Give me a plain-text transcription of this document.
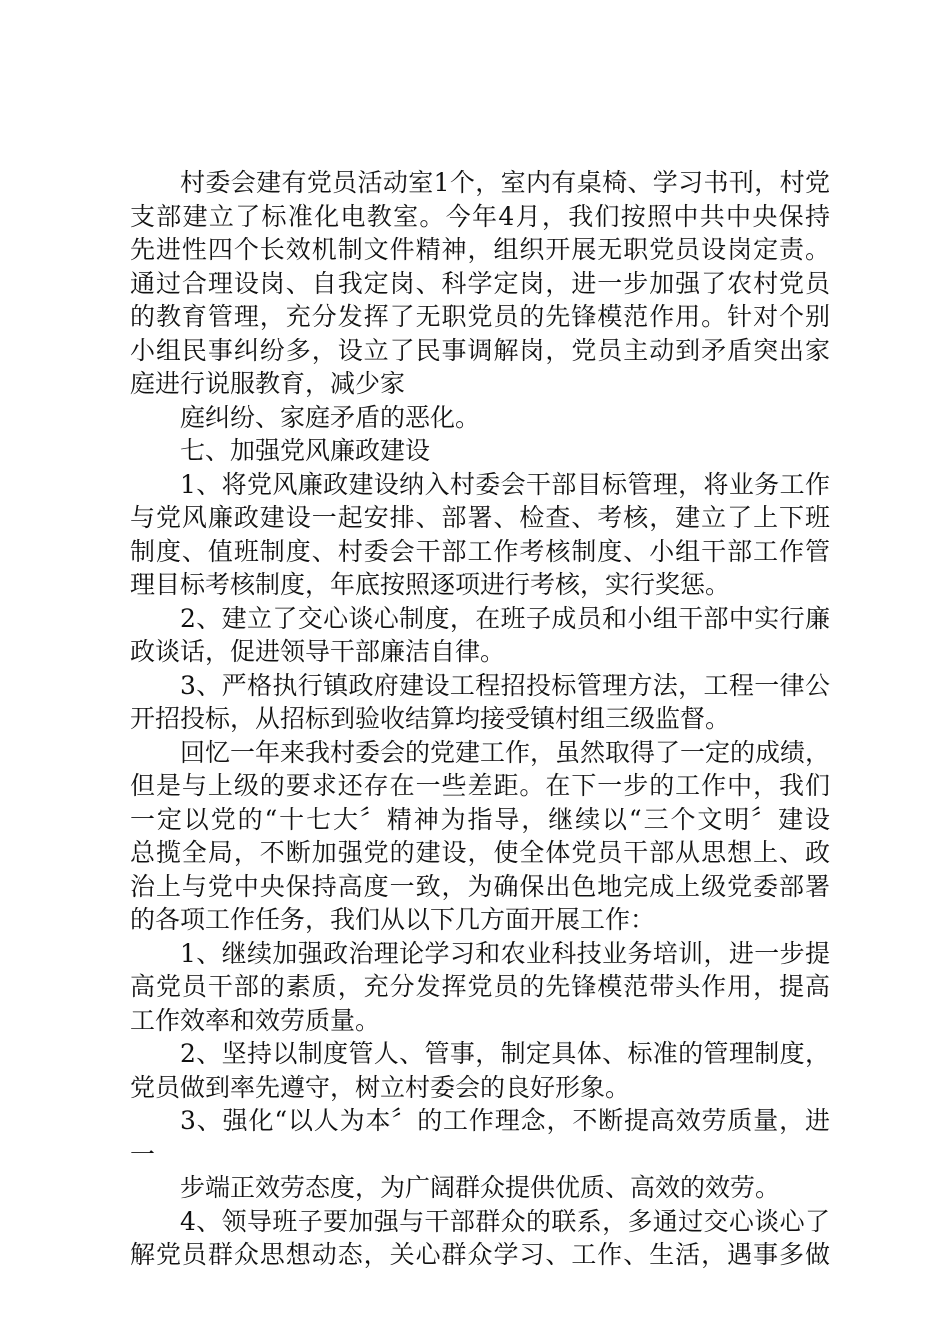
村委会建有党员活动室1个，室内有桌椅、学习书刊，村党
支部建立了标准化电教室。今年4月，我们按照中共中央保持
先进性四个长效机制文件精神，组织开展无职党员设岗定责。
通过合理设岗、自我定岗、科学定岗，进一步加强了农村党员
的教育管理，充分发挥了无职党员的先锋模范作用。针对个别
小组民事纠纷多，设立了民事调解岗，党员主动到矛盾突出家
庭进行说服教育，减少家
庭纠纷、家庭矛盾的恶化。
七、加强党风廉政建设
1、将党风廉政建设纳入村委会干部目标管理，将业务工作
与党风廉政建设一起安排、部署、检查、考核，建立了上下班
制度、值班制度、村委会干部工作考核制度、小组干部工作管
理目标考核制度，年底按照逐项进行考核，实行奖惩。
2、建立了交心谈心制度，在班子成员和小组干部中实行廉
政谈话，促进领导干部廉洁自律。
3、严格执行镇政府建设工程招投标管理方法，工程一律公
开招投标，从招标到验收结算均接受镇村组三级监督。
回忆一年来我村委会的党建工作，虽然取得了一定的成绩，
但是与上级的要求还存在一些差距。在下一步的工作中，我们
一定以党的“十七大〞精神为指导，继续以“三个文明〞建设
总揽全局，不断加强党的建设，使全体党员干部从思想上、政
治上与党中央保持高度一致，为确保出色地完成上级党委部署
的各项工作任务，我们从以下几方面开展工作：
1、继续加强政治理论学习和农业科技业务培训，进一步提
高党员干部的素质，充分发挥党员的先锋模范带头作用，提高
工作效率和效劳质量。
2、坚持以制度管人、管事，制定具体、标准的管理制度，
党员做到率先遵守，树立村委会的良好形象。
3、强化“以人为本〞的工作理念，不断提高效劳质量，进
一
步端正效劳态度，为广阔群众提供优质、高效的效劳。
4、领导班子要加强与干部群众的联系，多通过交心谈心了
解党员群众思想动态，关心群众学习、工作、生活，遇事多做
